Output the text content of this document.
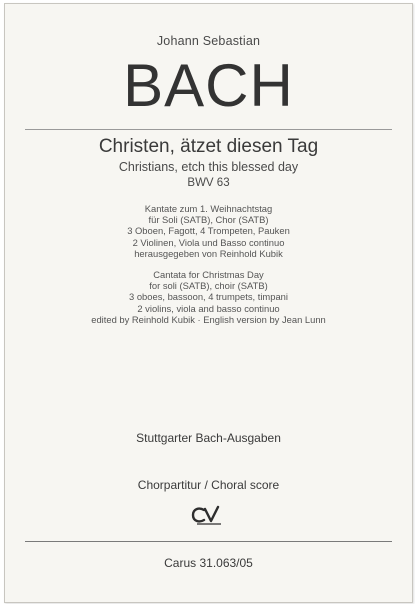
Johann Sebastian
BACH
Christen, ätzet diesen Tag
Christians, etch this blessed day
BWV 63
Kantate zum 1. Weihnachtstag
für Soli (SATB), Chor (SATB)
3 Oboen, Fagott, 4 Trompeten, Pauken
2 Violinen, Viola und Basso continuo
herausgegeben von Reinhold Kubik
Cantata for Christmas Day
for soli (SATB), choir (SATB)
3 oboes, bassoon, 4 trumpets, timpani
2 violins, viola and basso continuo
edited by Reinhold Kubik · English version by Jean Lunn
Stuttgarter Bach-Ausgaben
Chorpartitur / Choral score
Carus 31.063/05
